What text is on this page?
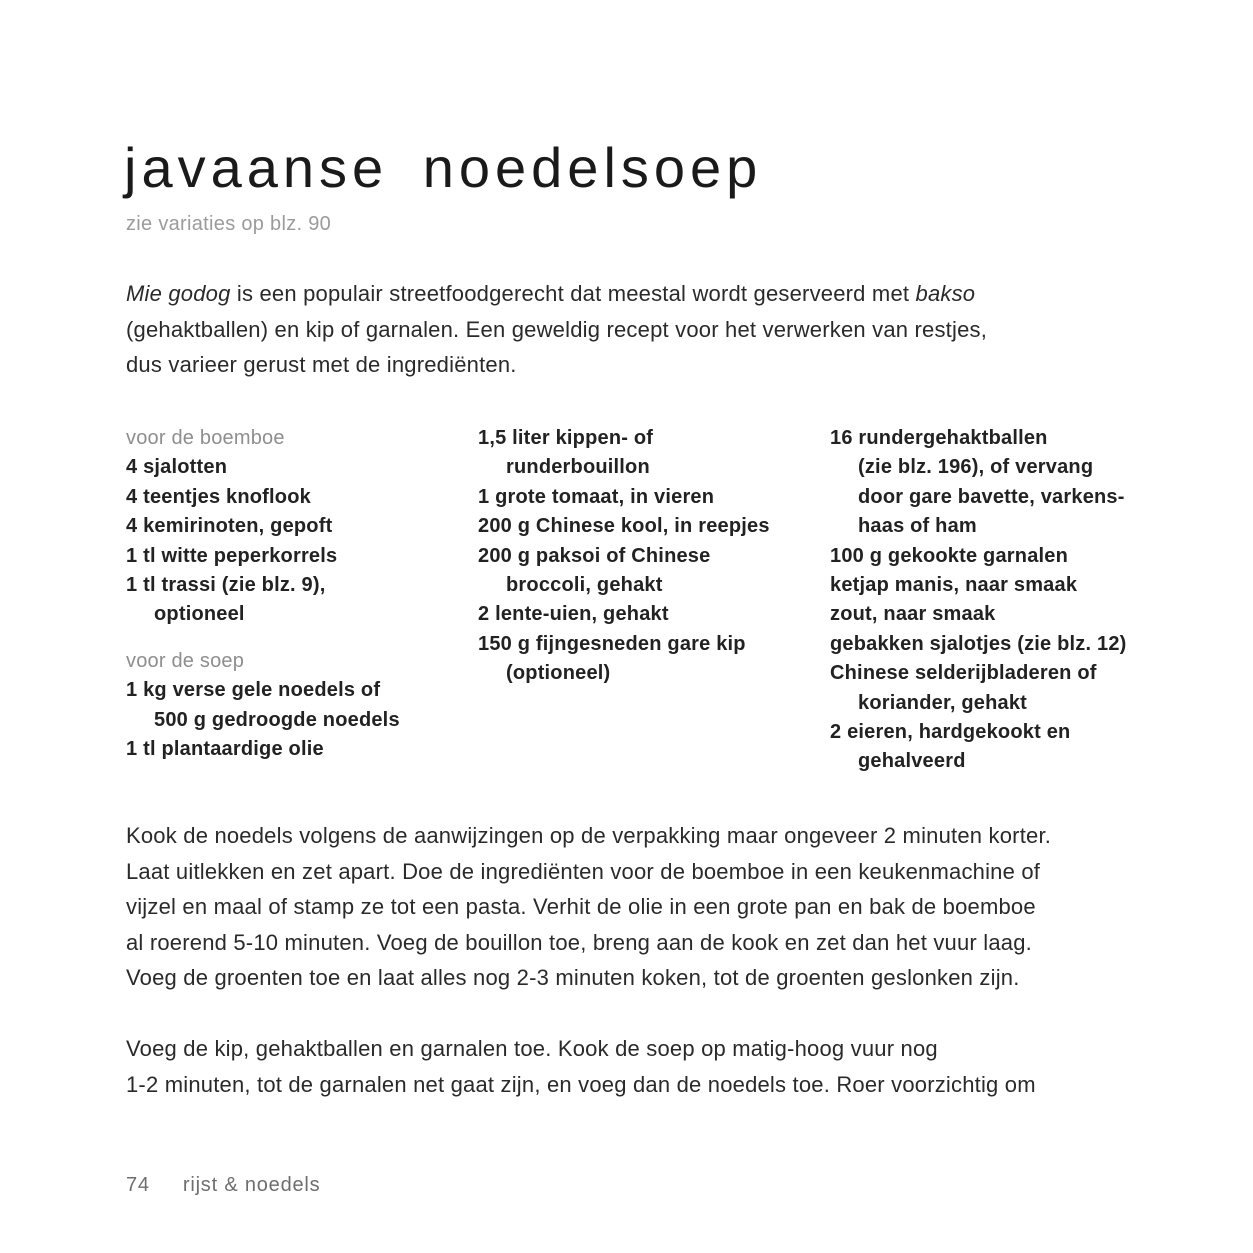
javaanse noedelsoep
zie variaties op blz. 90
Mie godog is een populair streetfoodgerecht dat meestal wordt geserveerd met bakso
(gehaktballen) en kip of garnalen. Een geweldig recept voor het verwerken van restjes,
dus varieer gerust met de ingrediënten.
voor de boemboe
4 sjalotten
4 teentjes knoflook
4 kemirinoten, gepoft
1 tl witte peperkorrels
1 tl trassi (zie blz. 9),
optioneel
voor de soep
1 kg verse gele noedels of
500 g gedroogde noedels
1 tl plantaardige olie
1,5 liter kippen- of
runderbouillon
1 grote tomaat, in vieren
200 g Chinese kool, in reepjes
200 g paksoi of Chinese
broccoli, gehakt
2 lente-uien, gehakt
150 g fijngesneden gare kip
(optioneel)
16 rundergehaktballen
(zie blz. 196), of vervang
door gare bavette, varkens-
haas of ham
100 g gekookte garnalen
ketjap manis, naar smaak
zout, naar smaak
gebakken sjalotjes (zie blz. 12)
Chinese selderijbladeren of
koriander, gehakt
2 eieren, hardgekookt en
gehalveerd
Kook de noedels volgens de aanwijzingen op de verpakking maar ongeveer 2 minuten korter.
Laat uitlekken en zet apart. Doe de ingrediënten voor de boemboe in een keukenmachine of
vijzel en maal of stamp ze tot een pasta. Verhit de olie in een grote pan en bak de boemboe
al roerend 5-10 minuten. Voeg de bouillon toe, breng aan de kook en zet dan het vuur laag.
Voeg de groenten toe en laat alles nog 2-3 minuten koken, tot de groenten geslonken zijn.
Voeg de kip, gehaktballen en garnalen toe. Kook de soep op matig-hoog vuur nog
1-2 minuten, tot de garnalen net gaat zijn, en voeg dan de noedels toe. Roer voorzichtig om
74 rijst & noedels
